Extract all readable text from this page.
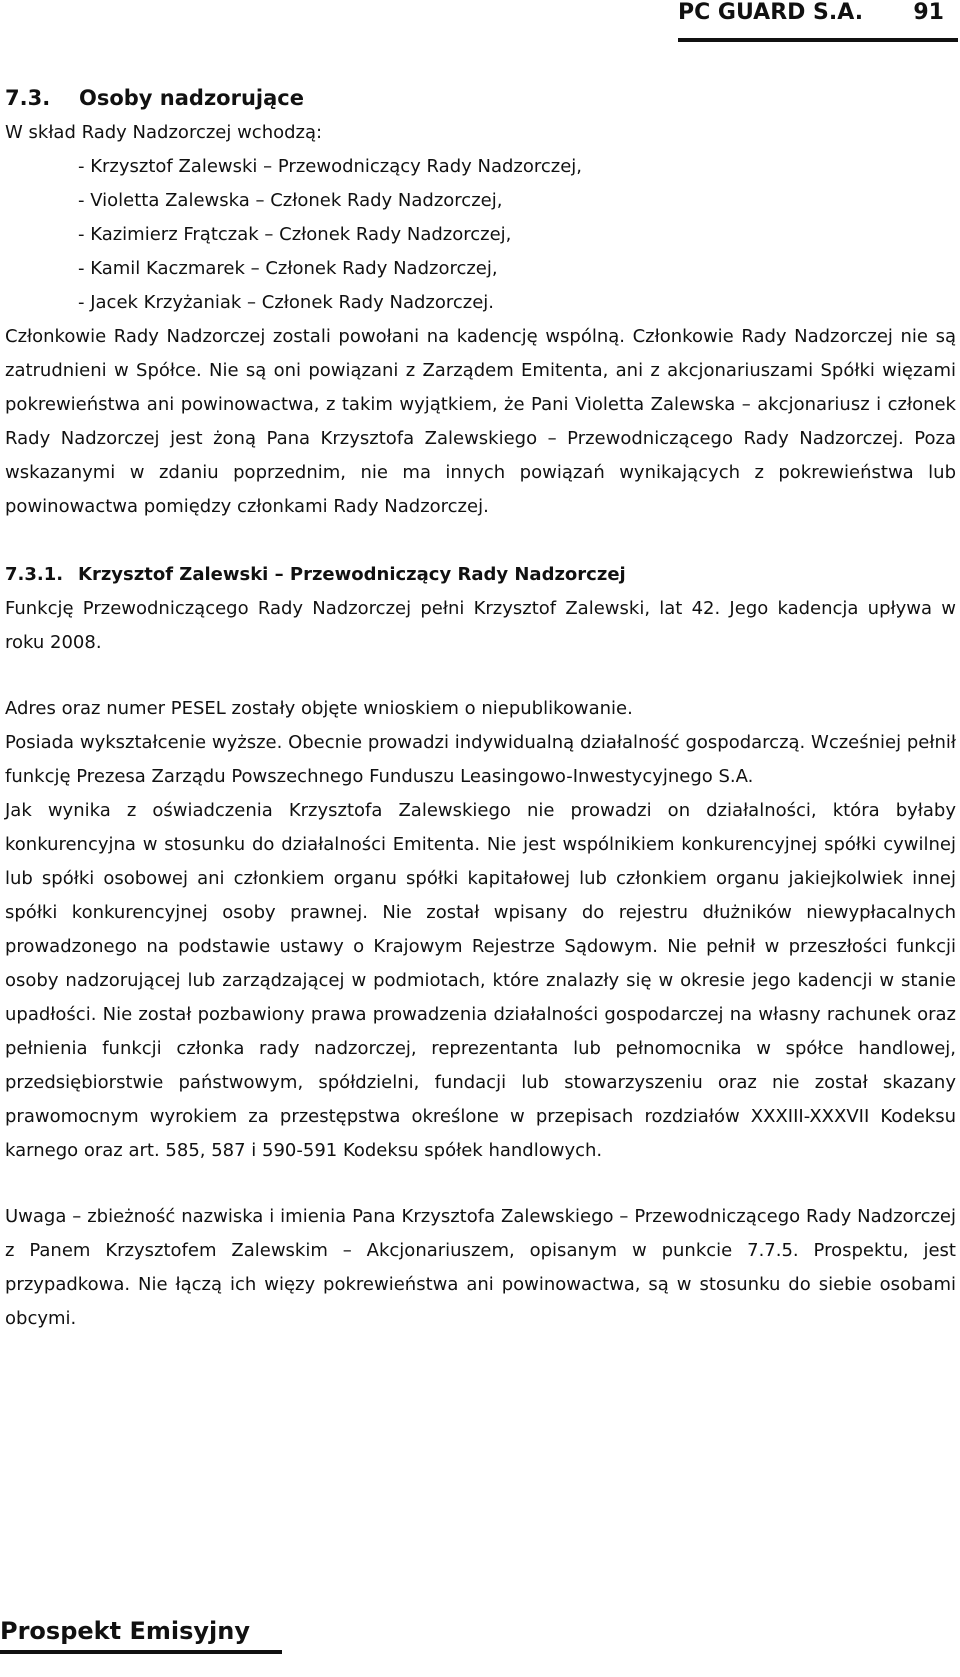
PC GUARD S.A. 91
7.3. Osoby nadzorujące

W skład Rady Nadzorczej wchodzą:

- Krzysztof Zalewski – Przewodniczący Rady Nadzorczej,
- Violetta Zalewska – Członek Rady Nadzorczej,
- Kazimierz Frątczak – Członek Rady Nadzorczej,
- Kamil Kaczmarek – Członek Rady Nadzorczej,
- Jacek Krzyżaniak – Członek Rady Nadzorczej.

Członkowie Rady Nadzorczej zostali powołani na kadencję wspólną. Członkowie Rady Nadzorczej nie są zatrudnieni w Spółce. Nie są oni powiązani z Zarządem Emitenta, ani z akcjonariuszami Spółki więzami pokrewieństwa ani powinowactwa, z takim wyjątkiem, że Pani Violetta Zalewska – akcjonariusz i członek Rady Nadzorczej jest żoną Pana Krzysztofa Zalewskiego – Przewodniczącego Rady Nadzorczej. Poza wskazanymi w zdaniu poprzednim, nie ma innych powiązań wynikających z pokrewieństwa lub powinowactwa pomiędzy członkami Rady Nadzorczej.

7.3.1. Krzysztof Zalewski – Przewodniczący Rady Nadzorczej

Funkcję Przewodniczącego Rady Nadzorczej pełni Krzysztof Zalewski, lat 42. Jego kadencja upływa w roku 2008.

Adres oraz numer PESEL zostały objęte wnioskiem o niepublikowanie.

Posiada wykształcenie wyższe. Obecnie prowadzi indywidualną działalność gospodarczą. Wcześniej pełnił funkcję Prezesa Zarządu Powszechnego Funduszu Leasingowo-Inwestycyjnego S.A.

Jak wynika z oświadczenia Krzysztofa Zalewskiego nie prowadzi on działalności, która byłaby konkurencyjna w stosunku do działalności Emitenta. Nie jest wspólnikiem konkurencyjnej spółki cywilnej lub spółki osobowej ani członkiem organu spółki kapitałowej lub członkiem organu jakiejkolwiek innej spółki konkurencyjnej osoby prawnej. Nie został wpisany do rejestru dłużników niewypłacalnych prowadzonego na podstawie ustawy o Krajowym Rejestrze Sądowym. Nie pełnił w przeszłości funkcji osoby nadzorującej lub zarządzającej w podmiotach, które znalazły się w okresie jego kadencji w stanie upadłości. Nie został pozbawiony prawa prowadzenia działalności gospodarczej na własny rachunek oraz pełnienia funkcji członka rady nadzorczej, reprezentanta lub pełnomocnika w spółce handlowej, przedsiębiorstwie państwowym, spółdzielni, fundacji lub stowarzyszeniu oraz nie został skazany prawomocnym wyrokiem za przestępstwa określone w przepisach rozdziałów XXXIII-XXXVII Kodeksu karnego oraz art. 585, 587 i 590-591 Kodeksu spółek handlowych.

Uwaga – zbieżność nazwiska i imienia Pana Krzysztofa Zalewskiego – Przewodniczącego Rady Nadzorczej z Panem Krzysztofem Zalewskim – Akcjonariuszem, opisanym w punkcie 7.7.5. Prospektu, jest przypadkowa. Nie łączą ich więzy pokrewieństwa ani powinowactwa, są w stosunku do siebie osobami obcymi.

Prospekt Emisyjny
